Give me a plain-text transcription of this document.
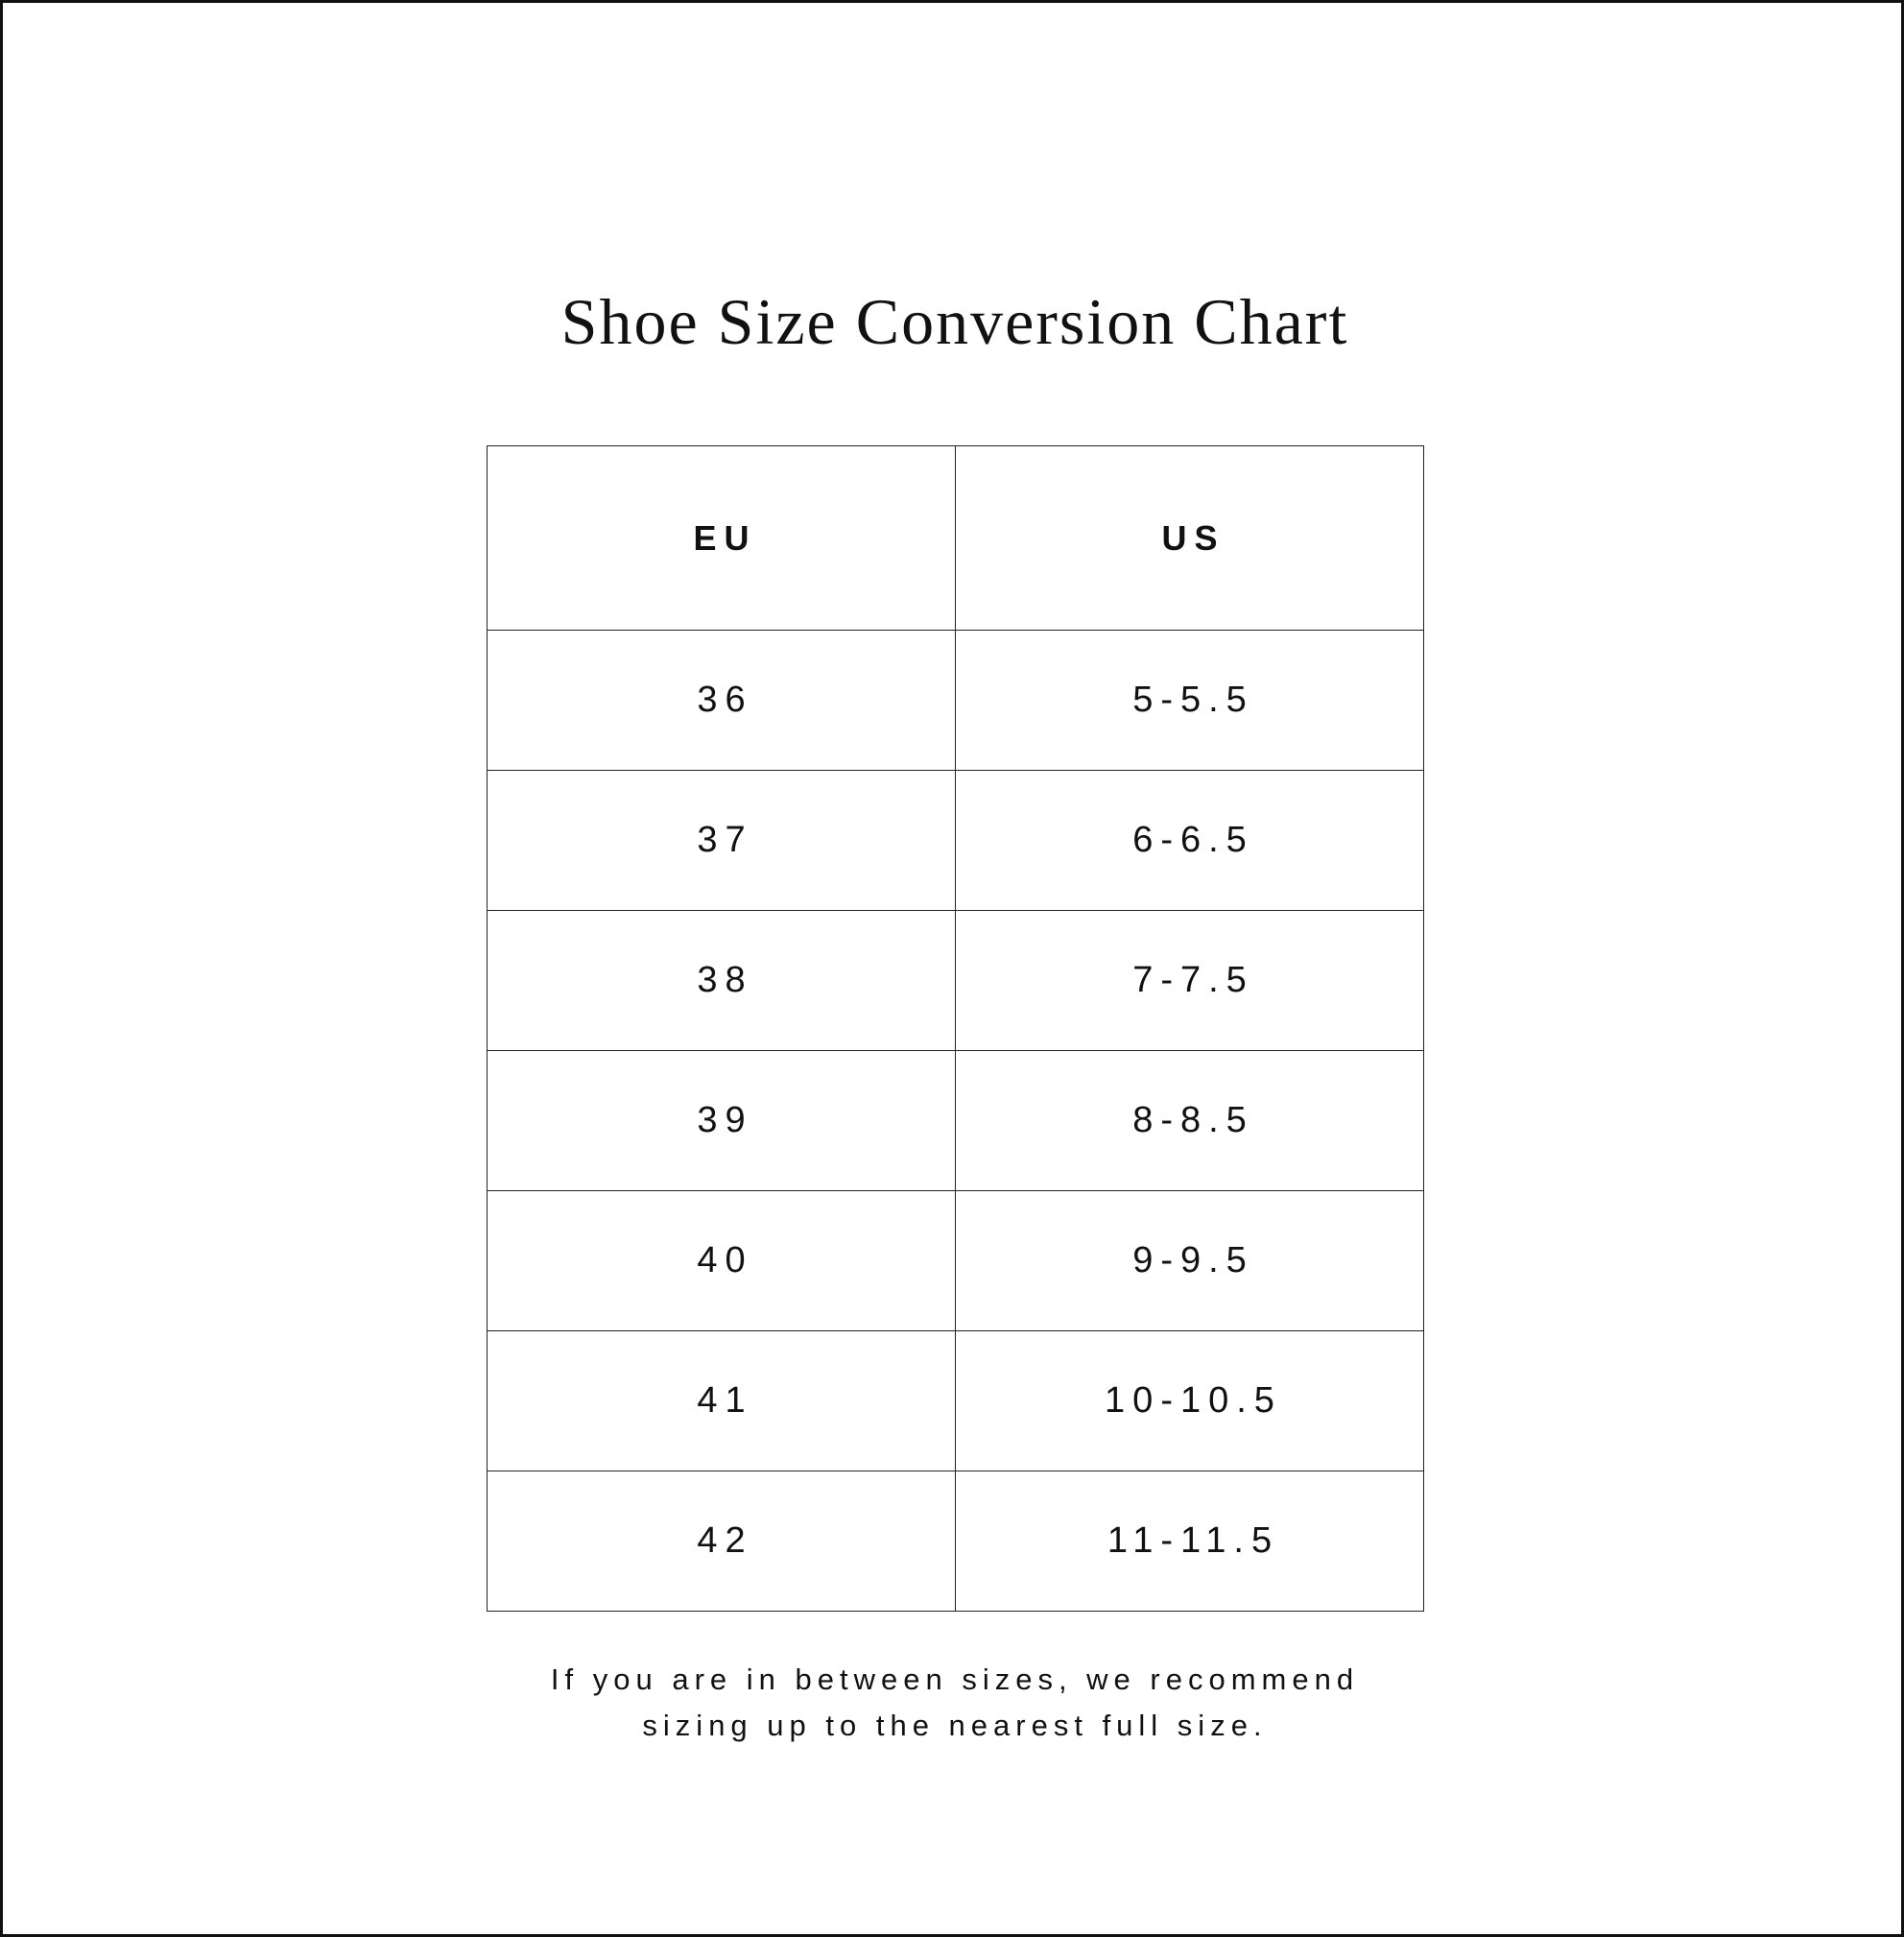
Shoe Size Conversion Chart
EU	US
36	5-5.5
37	6-6.5
38	7-7.5
39	8-8.5
40	9-9.5
41	10-10.5
42	11-11.5
If you are in between sizes, we recommend
sizing up to the nearest full size.
